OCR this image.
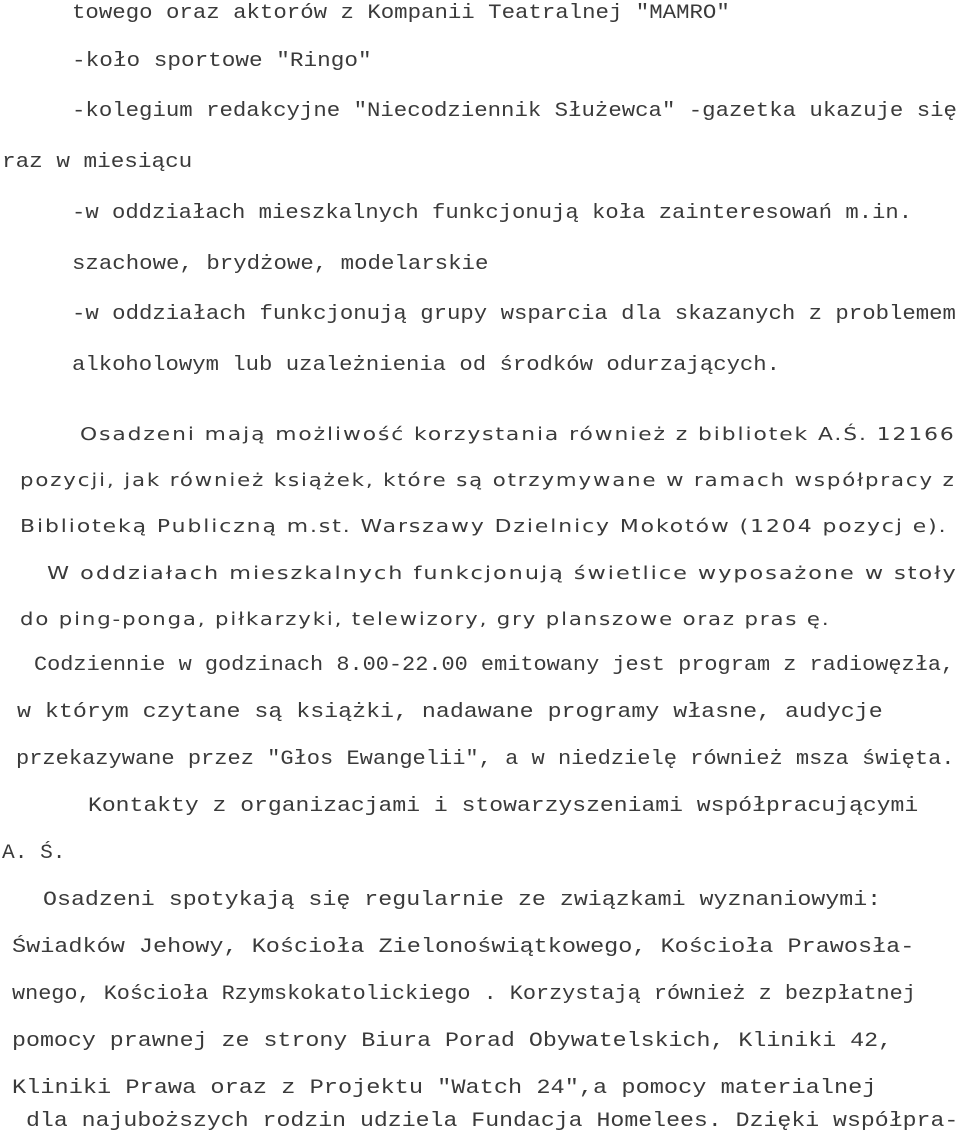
towego oraz aktorów z Kompanii Teatralnej "MAMRO"
-koło sportowe "Ringo"
-kolegium redakcyjne "Niecodziennik Służewca" -gazetka ukazuje się
raz w miesiącu
-w oddziałach mieszkalnych funkcjonują koła zainteresowań m.in.
szachowe, brydżowe, modelarskie
-w oddziałach funkcjonują grupy wsparcia dla skazanych z problemem
alkoholowym lub uzależnienia od środków odurzających.
Osadzeni mają możliwość korzystania również z bibliotek A.Ś. 12166
pozycji, jak również książek, które są otrzymywane w ramach współpracy z
Biblioteką Publiczną m.st. Warszawy Dzielnicy Mokotów (1204 pozycj e).
W oddziałach mieszkalnych funkcjonują świetlice wyposażone w stoły
do ping-ponga, piłkarzyki, telewizory, gry planszowe oraz pras ę.
Codziennie w godzinach 8.00-22.00 emitowany jest program z radiowęzła,
w którym czytane są książki, nadawane programy własne, audycje
przekazywane przez "Głos Ewangelii", a w niedzielę również msza święta.
Kontakty z organizacjami i stowarzyszeniami współpracującymi
A. Ś.
Osadzeni spotykają się regularnie ze związkami wyznaniowymi:
Świadków Jehowy, Kościoła Zielonoświątkowego, Kościoła Prawosła-
wnego, Kościoła Rzymskokatolickiego . Korzystają również z bezpłatnej
pomocy prawnej ze strony Biura Porad Obywatelskich, Kliniki 42,
Kliniki Prawa oraz z Projektu "Watch 24",a pomocy materialnej
dla najuboższych rodzin udziela Fundacja Homelees. Dzięki współpra-
